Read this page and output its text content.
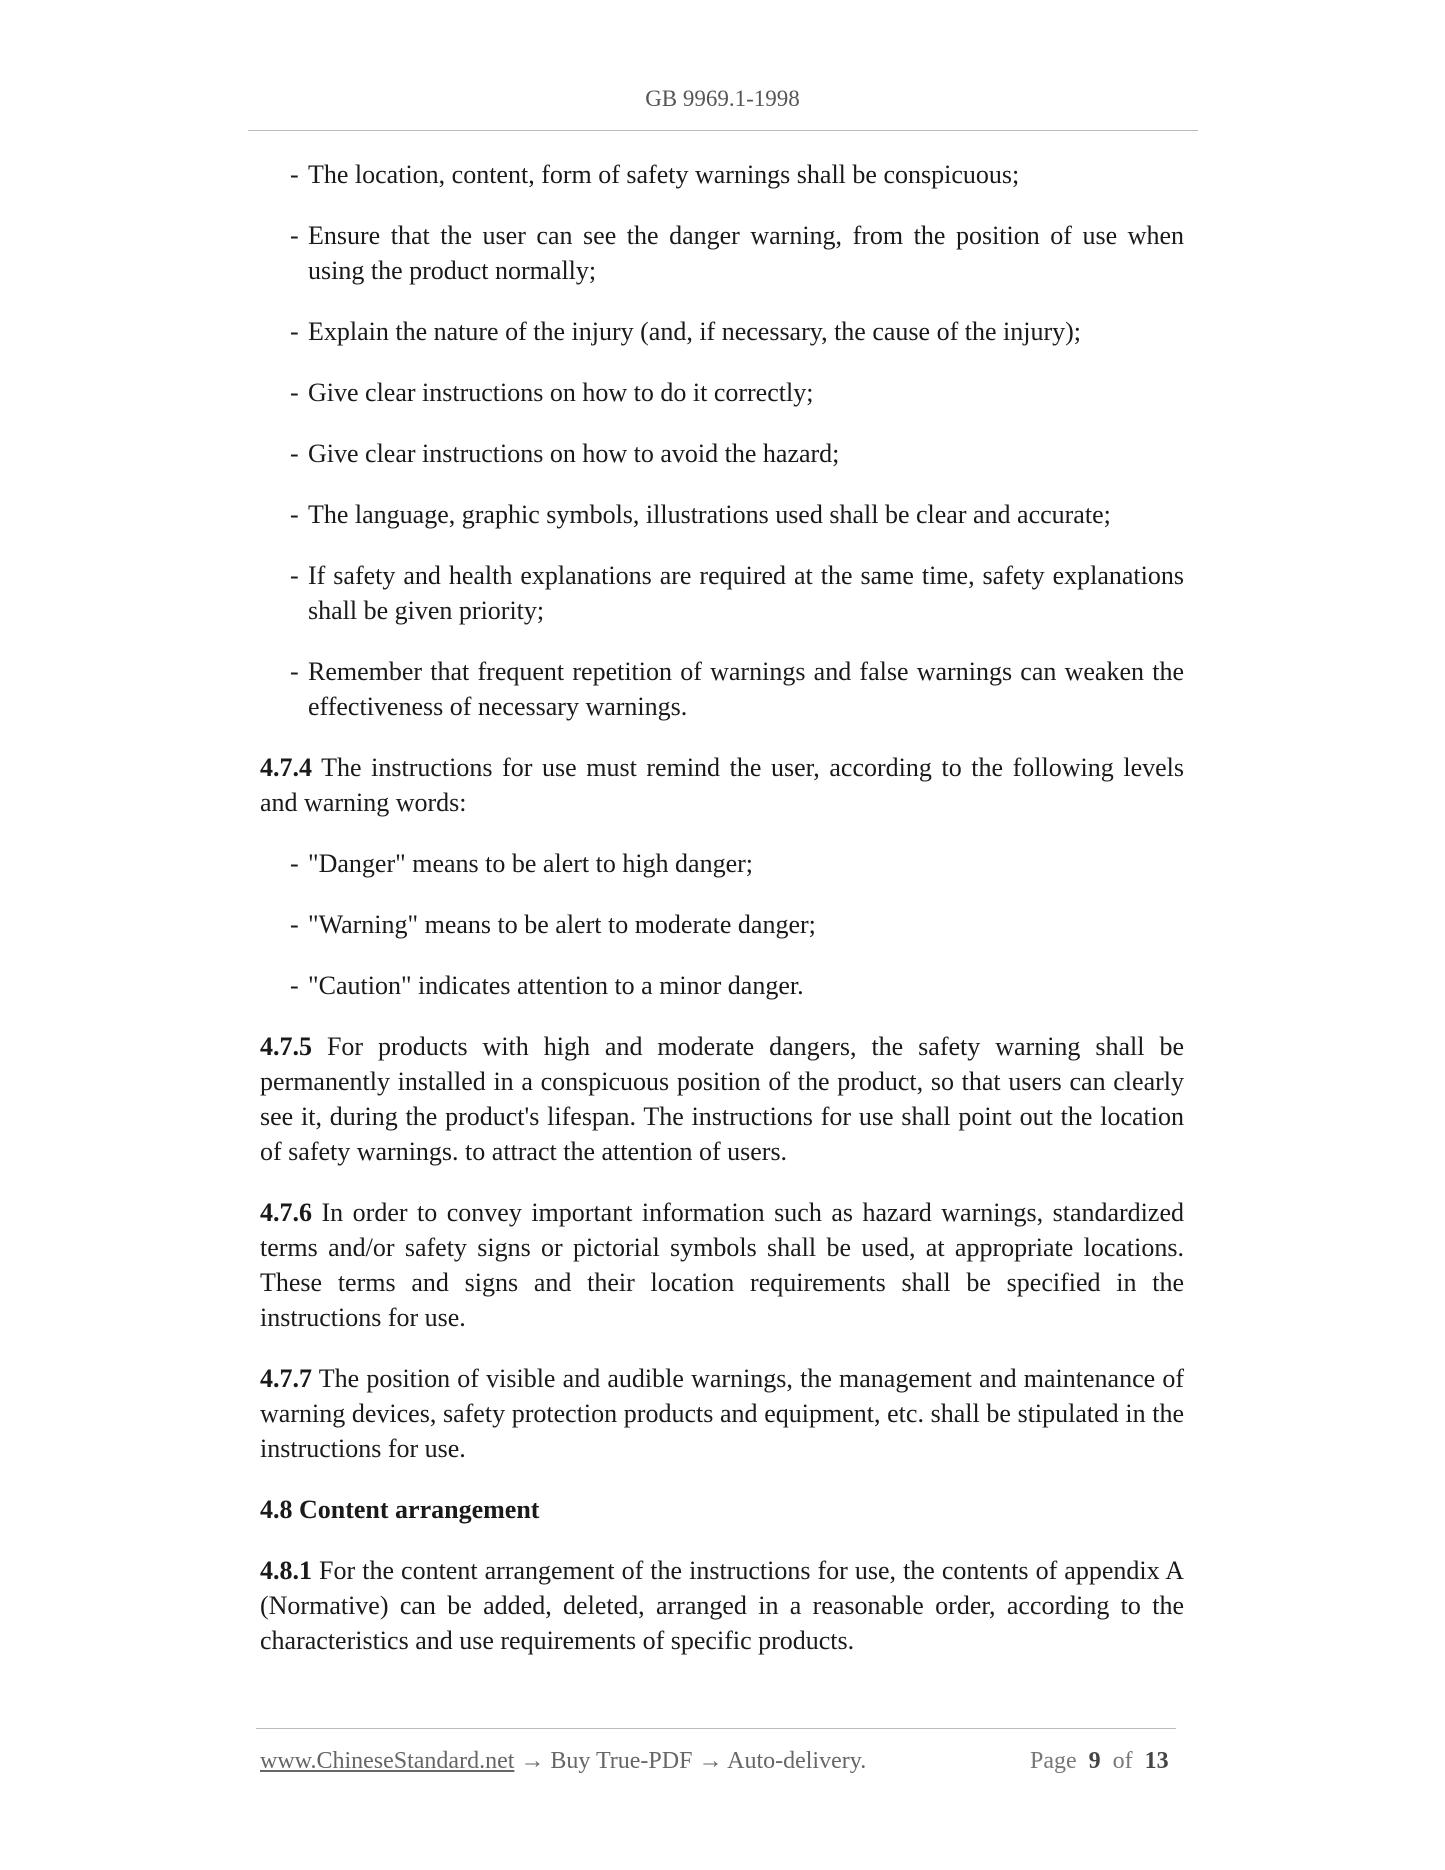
GB 9969.1-1998
- The location, content, form of safety warnings shall be conspicuous;
- Ensure that the user can see the danger warning, from the position of use when using the product normally;
- Explain the nature of the injury (and, if necessary, the cause of the injury);
- Give clear instructions on how to do it correctly;
- Give clear instructions on how to avoid the hazard;
- The language, graphic symbols, illustrations used shall be clear and accurate;
- If safety and health explanations are required at the same time, safety explanations shall be given priority;
- Remember that frequent repetition of warnings and false warnings can weaken the effectiveness of necessary warnings.
4.7.4 The instructions for use must remind the user, according to the following levels and warning words:
- "Danger" means to be alert to high danger;
- "Warning" means to be alert to moderate danger;
- "Caution" indicates attention to a minor danger.
4.7.5 For products with high and moderate dangers, the safety warning shall be permanently installed in a conspicuous position of the product, so that users can clearly see it, during the product's lifespan. The instructions for use shall point out the location of safety warnings. to attract the attention of users.
4.7.6 In order to convey important information such as hazard warnings, standardized terms and/or safety signs or pictorial symbols shall be used, at appropriate locations. These terms and signs and their location requirements shall be specified in the instructions for use.
4.7.7 The position of visible and audible warnings, the management and maintenance of warning devices, safety protection products and equipment, etc. shall be stipulated in the instructions for use.
4.8 Content arrangement
4.8.1 For the content arrangement of the instructions for use, the contents of appendix A (Normative) can be added, deleted, arranged in a reasonable order, according to the characteristics and use requirements of specific products.
www.ChineseStandard.net → Buy True-PDF → Auto-delivery.	Page 9 of 13
